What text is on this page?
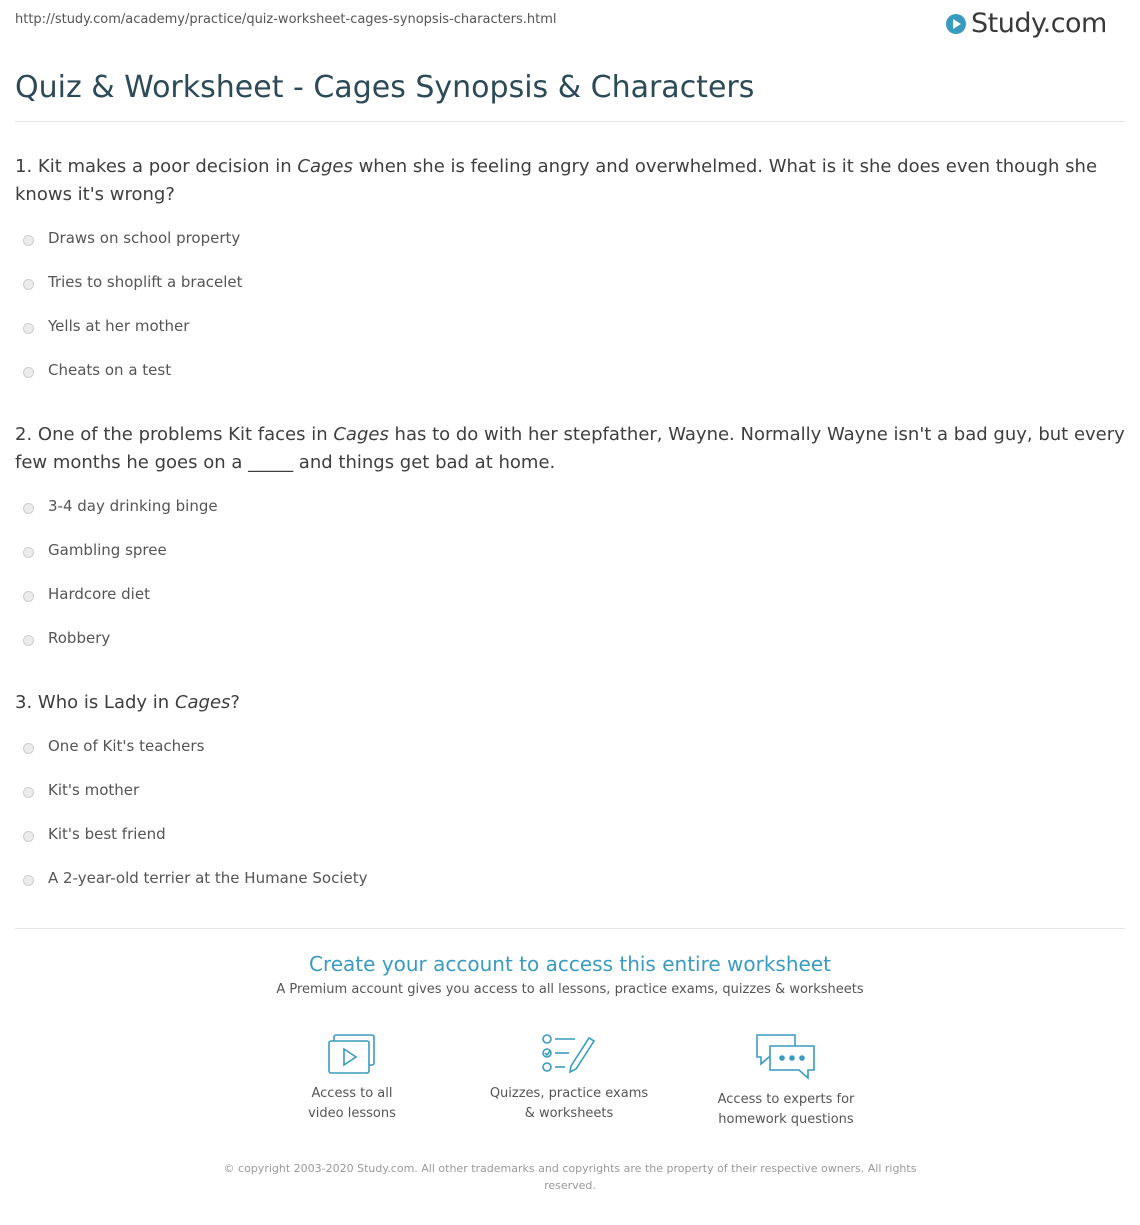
http://study.com/academy/practice/quiz-worksheet-cages-synopsis-characters.html	Study.com
Quiz & Worksheet - Cages Synopsis & Characters

1. Kit makes a poor decision in Cages when she is feeling angry and overwhelmed. What is it she does even though she knows it's wrong?

Draws on school property
Tries to shoplift a bracelet
Yells at her mother
Cheats on a test

2. One of the problems Kit faces in Cages has to do with her stepfather, Wayne. Normally Wayne isn't a bad guy, but every few months he goes on a _____ and things get bad at home.

3-4 day drinking binge
Gambling spree
Hardcore diet
Robbery

3. Who is Lady in Cages?

One of Kit's teachers
Kit's mother
Kit's best friend
A 2-year-old terrier at the Humane Society
Create your account to access this entire worksheet
A Premium account gives you access to all lessons, practice exams, quizzes & worksheets
Access to all
video lessons
Quizzes, practice exams
& worksheets
Access to experts for
homework questions
© copyright 2003-2020 Study.com. All other trademarks and copyrights are the property of their respective owners. All rights reserved.
